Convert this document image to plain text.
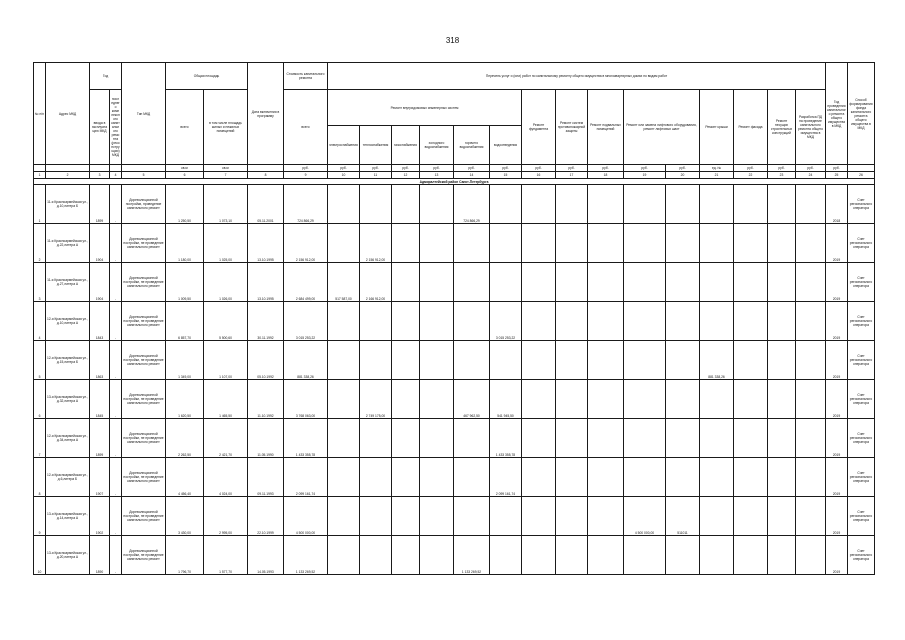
318
№ п/п	Адрес МКД	Год		Тип МКД	Общая площадь		Дата включения в программу	Стоимость капитального ремонта	Перечень услуг и (или) работ по капитальному ремонту общего имущества в многоквартирных домах по видам работ															Год проведения капитального ремонта общего имущества в МКД	Способ формирования фонда капитального ремонта общего имущества в МКД
		ввода в эксплуатацию МКД	последнего комплексного капитального ремонта (реконструкции) МКД		всего	в том числе площадь жилых и нежилых помещений		всего	Ремонт внутридомовых инженерных систем						Ремонт фундамента	Ремонт систем противопожарной защиты	Ремонт подвальных помещений	Ремонт или замена лифтового оборудования, ремонт лифтовых шахт		Ремонт крыши	Ремонт фасада	Ремонт несущих строительных конструкций	Разработка ПД на проведение капитального ремонта общего имущества в МКД		
									электроснабжения	теплоснабжения	газоснабжения	холодного водоснабжения	горячего водоснабжения	водоотведения											
					кв.м	кв.м		руб.	руб.	руб.	руб.	руб.	руб.	руб.	руб.	руб.	руб.	руб.	руб.	ед. №	руб.	руб.	руб.	руб.	
1	2	3	4	5	6	7	8	9	10	11	12	13	14	15	16	17	18	19	20	21	22	23	24	25	26
Адмиралтейский район Санкт-Петербурга																									
1	11-я Красноармейская ул., д.10,литера Б	1899	-	Дореволюционной постройки, проведение капитального ремонт	1 250,50	1 073,10	05.11.2001	724 866,29					724 866,29											2018	Счет регионального оператора
2	11-я Красноармейская ул., д.22,литера А	1904	-	Дореволюционной постройки, не проведение капитального ремонт	1 180,00	1 025,00	13.10.1995	2 156 912,00		2 156 912,00														2019	Счет регионального оператора
3	11-я Красноармейская ул., д.27,литера А	1904	-	Дореволюционной постройки, не проведение капитального ремонт	1 009,50	1 026,00	13.10.1995	2 684 499,00	517 587,00	2 166 912,00														2019	Счет регионального оператора
4	12-я Красноармейская ул., д.10,литера А	1843	-	Дореволюционной постройки, не проведение капитального ремонт	6 857,70	5 500,60	30.11.1992	3 015 253,22						3 015 253,22										2019	Счет регионального оператора
5	12-я Красноармейская ул., д.15,литера Б	1863	-	Дореволюционной постройки, не проведение капитального ремонт	1 349,00	1 107,00	05.10.1992	881 338,26												881 338,26				2019	Счет регионального оператора
6	13-я Красноармейская ул., д.32,литера А	1845	-	Дореволюционной постройки, не проведение капитального ремонт	1 620,50	1 465,50	11.10.1992	3 768 063,00		2 749 175,00			467 962,50	541 945,50										2019	Счет регионального оператора
7	12-я Красноармейская ул., д.34,литера А	1899	-	Дореволюционной постройки, не проведение капитального ремонт	2 262,50	2 421,70	11.05.1990	1 433 355,78						1 433 355,78										2019	Счет регионального оператора
8	12-я Красноармейская ул., д.6,литера Б	1907	-	Дореволюционной постройки, не проведение капитального ремонт	4 456,40	4 024,00	09.11.1993	2 099 161,74						2 099 161,74										2019	Счет регионального оператора
9	13-я Красноармейская ул., д.14,литера А	1902	-	Дореволюционной постройки, не проведение капитального ремонт	3 430,00	2 995,00	22.10.1999	4 500 000,00										4 500 000,00	511011					2019	Счет регионального оператора
10	13-я Красноармейская ул., д.20,литера А	1890	-	Дореволюционной постройки, не проведение капитального ремонт	1 796,70	1 577,70	14.05.1993	1 133 269,52					1 133 269,52											2019	Счет регионального оператора
